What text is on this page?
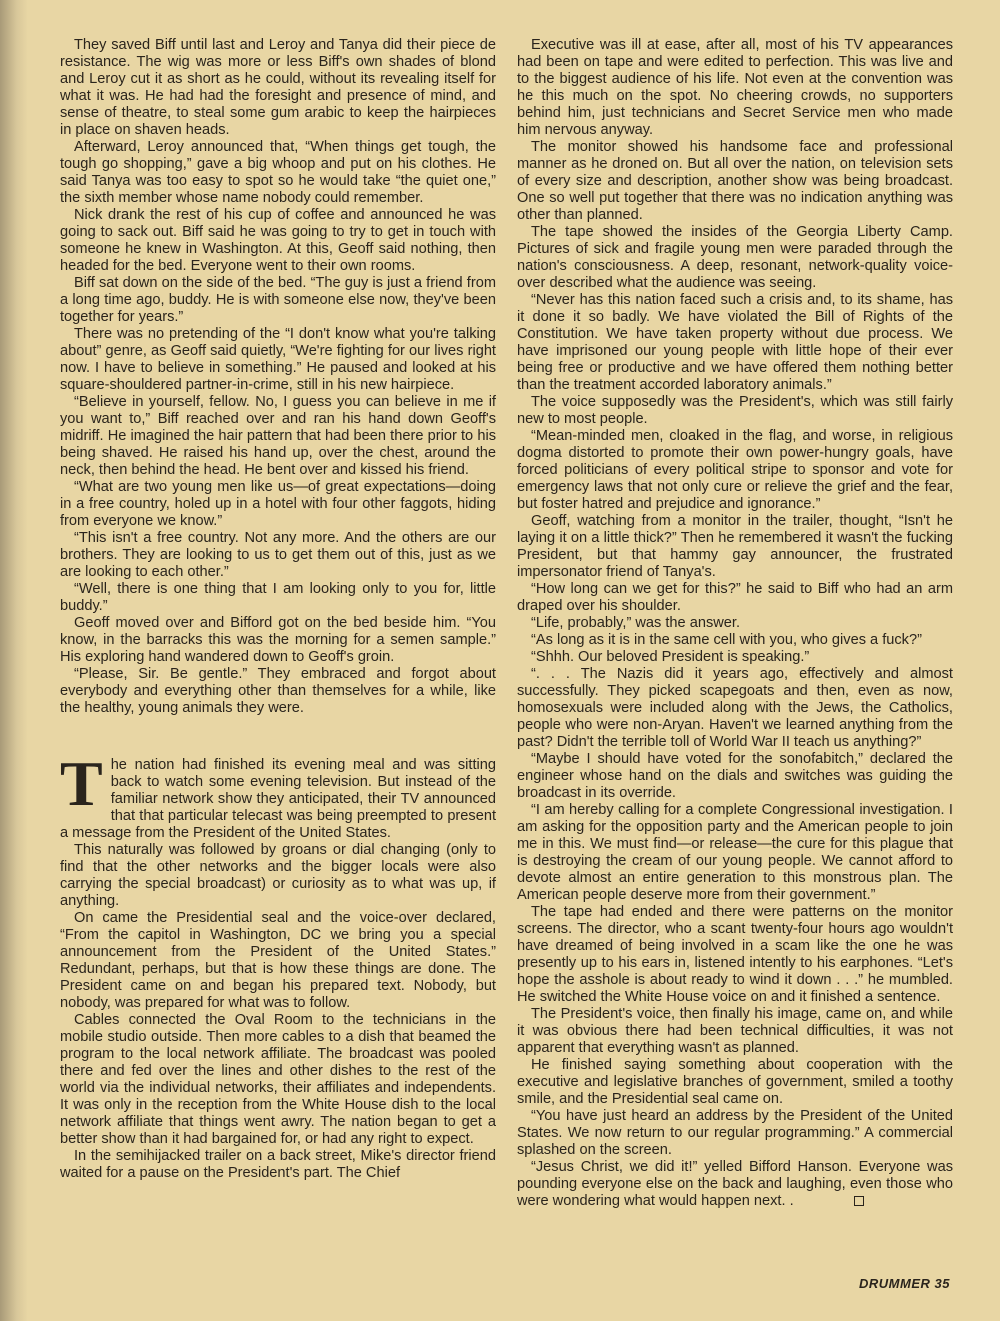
They saved Biff until last and Leroy and Tanya did their piece de resistance. The wig was more or less Biff's own shades of blond and Leroy cut it as short as he could, without its revealing itself for what it was. He had had the foresight and presence of mind, and sense of theatre, to steal some gum arabic to keep the hairpieces in place on shaven heads.

Afterward, Leroy announced that, “When things get tough, the tough go shopping,” gave a big whoop and put on his clothes. He said Tanya was too easy to spot so he would take “the quiet one,” the sixth member whose name nobody could remember.

Nick drank the rest of his cup of coffee and announced he was going to sack out. Biff said he was going to try to get in touch with someone he knew in Washington. At this, Geoff said nothing, then headed for the bed. Everyone went to their own rooms.

Biff sat down on the side of the bed. “The guy is just a friend from a long time ago, buddy. He is with someone else now, they've been together for years.”

There was no pretending of the “I don't know what you're talking about” genre, as Geoff said quietly, “We're fighting for our lives right now. I have to believe in something.” He paused and looked at his square-shouldered partner-in-crime, still in his new hairpiece.

“Believe in yourself, fellow. No, I guess you can believe in me if you want to,” Biff reached over and ran his hand down Geoff's midriff. He imagined the hair pattern that had been there prior to his being shaved. He raised his hand up, over the chest, around the neck, then behind the head. He bent over and kissed his friend.

“What are two young men like us—of great expectations—doing in a free country, holed up in a hotel with four other faggots, hiding from everyone we know.”

“This isn't a free country. Not any more. And the others are our brothers. They are looking to us to get them out of this, just as we are looking to each other.”

“Well, there is one thing that I am looking only to you for, little buddy.”

Geoff moved over and Bifford got on the bed beside him. “You know, in the barracks this was the morning for a semen sample.” His exploring hand wandered down to Geoff's groin.

“Please, Sir. Be gentle.” They embraced and forgot about everybody and everything other than themselves for a while, like the healthy, young animals they were.

T he nation had finished its evening meal and was sitting back to watch some evening television. But instead of the familiar network show they anticipated, their TV announced that that particular telecast was being preempted to present a message from the President of the United States.

This naturally was followed by groans or dial changing (only to find that the other networks and the bigger locals were also carrying the special broadcast) or curiosity as to what was up, if anything.

On came the Presidential seal and the voice-over declared, “From the capitol in Washington, DC we bring you a special announcement from the President of the United States.” Redundant, perhaps, but that is how these things are done. The President came on and began his prepared text. Nobody, but nobody, was prepared for what was to follow.

Cables connected the Oval Room to the technicians in the mobile studio outside. Then more cables to a dish that beamed the program to the local network affiliate. The broadcast was pooled there and fed over the lines and other dishes to the rest of the world via the individual networks, their affiliates and independents. It was only in the reception from the White House dish to the local network affiliate that things went awry. The nation began to get a better show than it had bargained for, or had any right to expect.

In the semihijacked trailer on a back street, Mike's director friend waited for a pause on the President's part. The Chief

Executive was ill at ease, after all, most of his TV appearances had been on tape and were edited to perfection. This was live and to the biggest audience of his life. Not even at the convention was he this much on the spot. No cheering crowds, no supporters behind him, just technicians and Secret Service men who made him nervous anyway.

The monitor showed his handsome face and professional manner as he droned on. But all over the nation, on television sets of every size and description, another show was being broadcast. One so well put together that there was no indication anything was other than planned.

The tape showed the insides of the Georgia Liberty Camp. Pictures of sick and fragile young men were paraded through the nation's consciousness. A deep, resonant, network-quality voice-over described what the audience was seeing.

“Never has this nation faced such a crisis and, to its shame, has it done it so badly. We have violated the Bill of Rights of the Constitution. We have taken property without due process. We have imprisoned our young people with little hope of their ever being free or productive and we have offered them nothing better than the treatment accorded laboratory animals.”

The voice supposedly was the President's, which was still fairly new to most people.

“Mean-minded men, cloaked in the flag, and worse, in religious dogma distorted to promote their own power-hungry goals, have forced politicians of every political stripe to sponsor and vote for emergency laws that not only cure or relieve the grief and the fear, but foster hatred and prejudice and ignorance.”

Geoff, watching from a monitor in the trailer, thought, “Isn't he laying it on a little thick?” Then he remembered it wasn't the fucking President, but that hammy gay announcer, the frustrated impersonator friend of Tanya's.

“How long can we get for this?” he said to Biff who had an arm draped over his shoulder.

“Life, probably,” was the answer.

“As long as it is in the same cell with you, who gives a fuck?”

“Shhh. Our beloved President is speaking.”

“. . . The Nazis did it years ago, effectively and almost successfully. They picked scapegoats and then, even as now, homosexuals were included along with the Jews, the Catholics, people who were non-Aryan. Haven't we learned anything from the past? Didn't the terrible toll of World War II teach us anything?”

“Maybe I should have voted for the sonofabitch,” declared the engineer whose hand on the dials and switches was guiding the broadcast in its override.

“I am hereby calling for a complete Congressional investigation. I am asking for the opposition party and the American people to join me in this. We must find—or release—the cure for this plague that is destroying the cream of our young people. We cannot afford to devote almost an entire generation to this monstrous plan. The American people deserve more from their government.”

The tape had ended and there were patterns on the monitor screens. The director, who a scant twenty-four hours ago wouldn't have dreamed of being involved in a scam like the one he was presently up to his ears in, listened intently to his earphones. “Let's hope the asshole is about ready to wind it down . . .” he mumbled. He switched the White House voice on and it finished a sentence.

The President's voice, then finally his image, came on, and while it was obvious there had been technical difficulties, it was not apparent that everything wasn't as planned.

He finished saying something about cooperation with the executive and legislative branches of government, smiled a toothy smile, and the Presidential seal came on.

“You have just heard an address by the President of the United States. We now return to our regular programming.” A commercial splashed on the screen.

“Jesus Christ, we did it!” yelled Bifford Hanson. Everyone was pounding everyone else on the back and laughing, even those who were wondering what would happen next. .

DRUMMER 35
